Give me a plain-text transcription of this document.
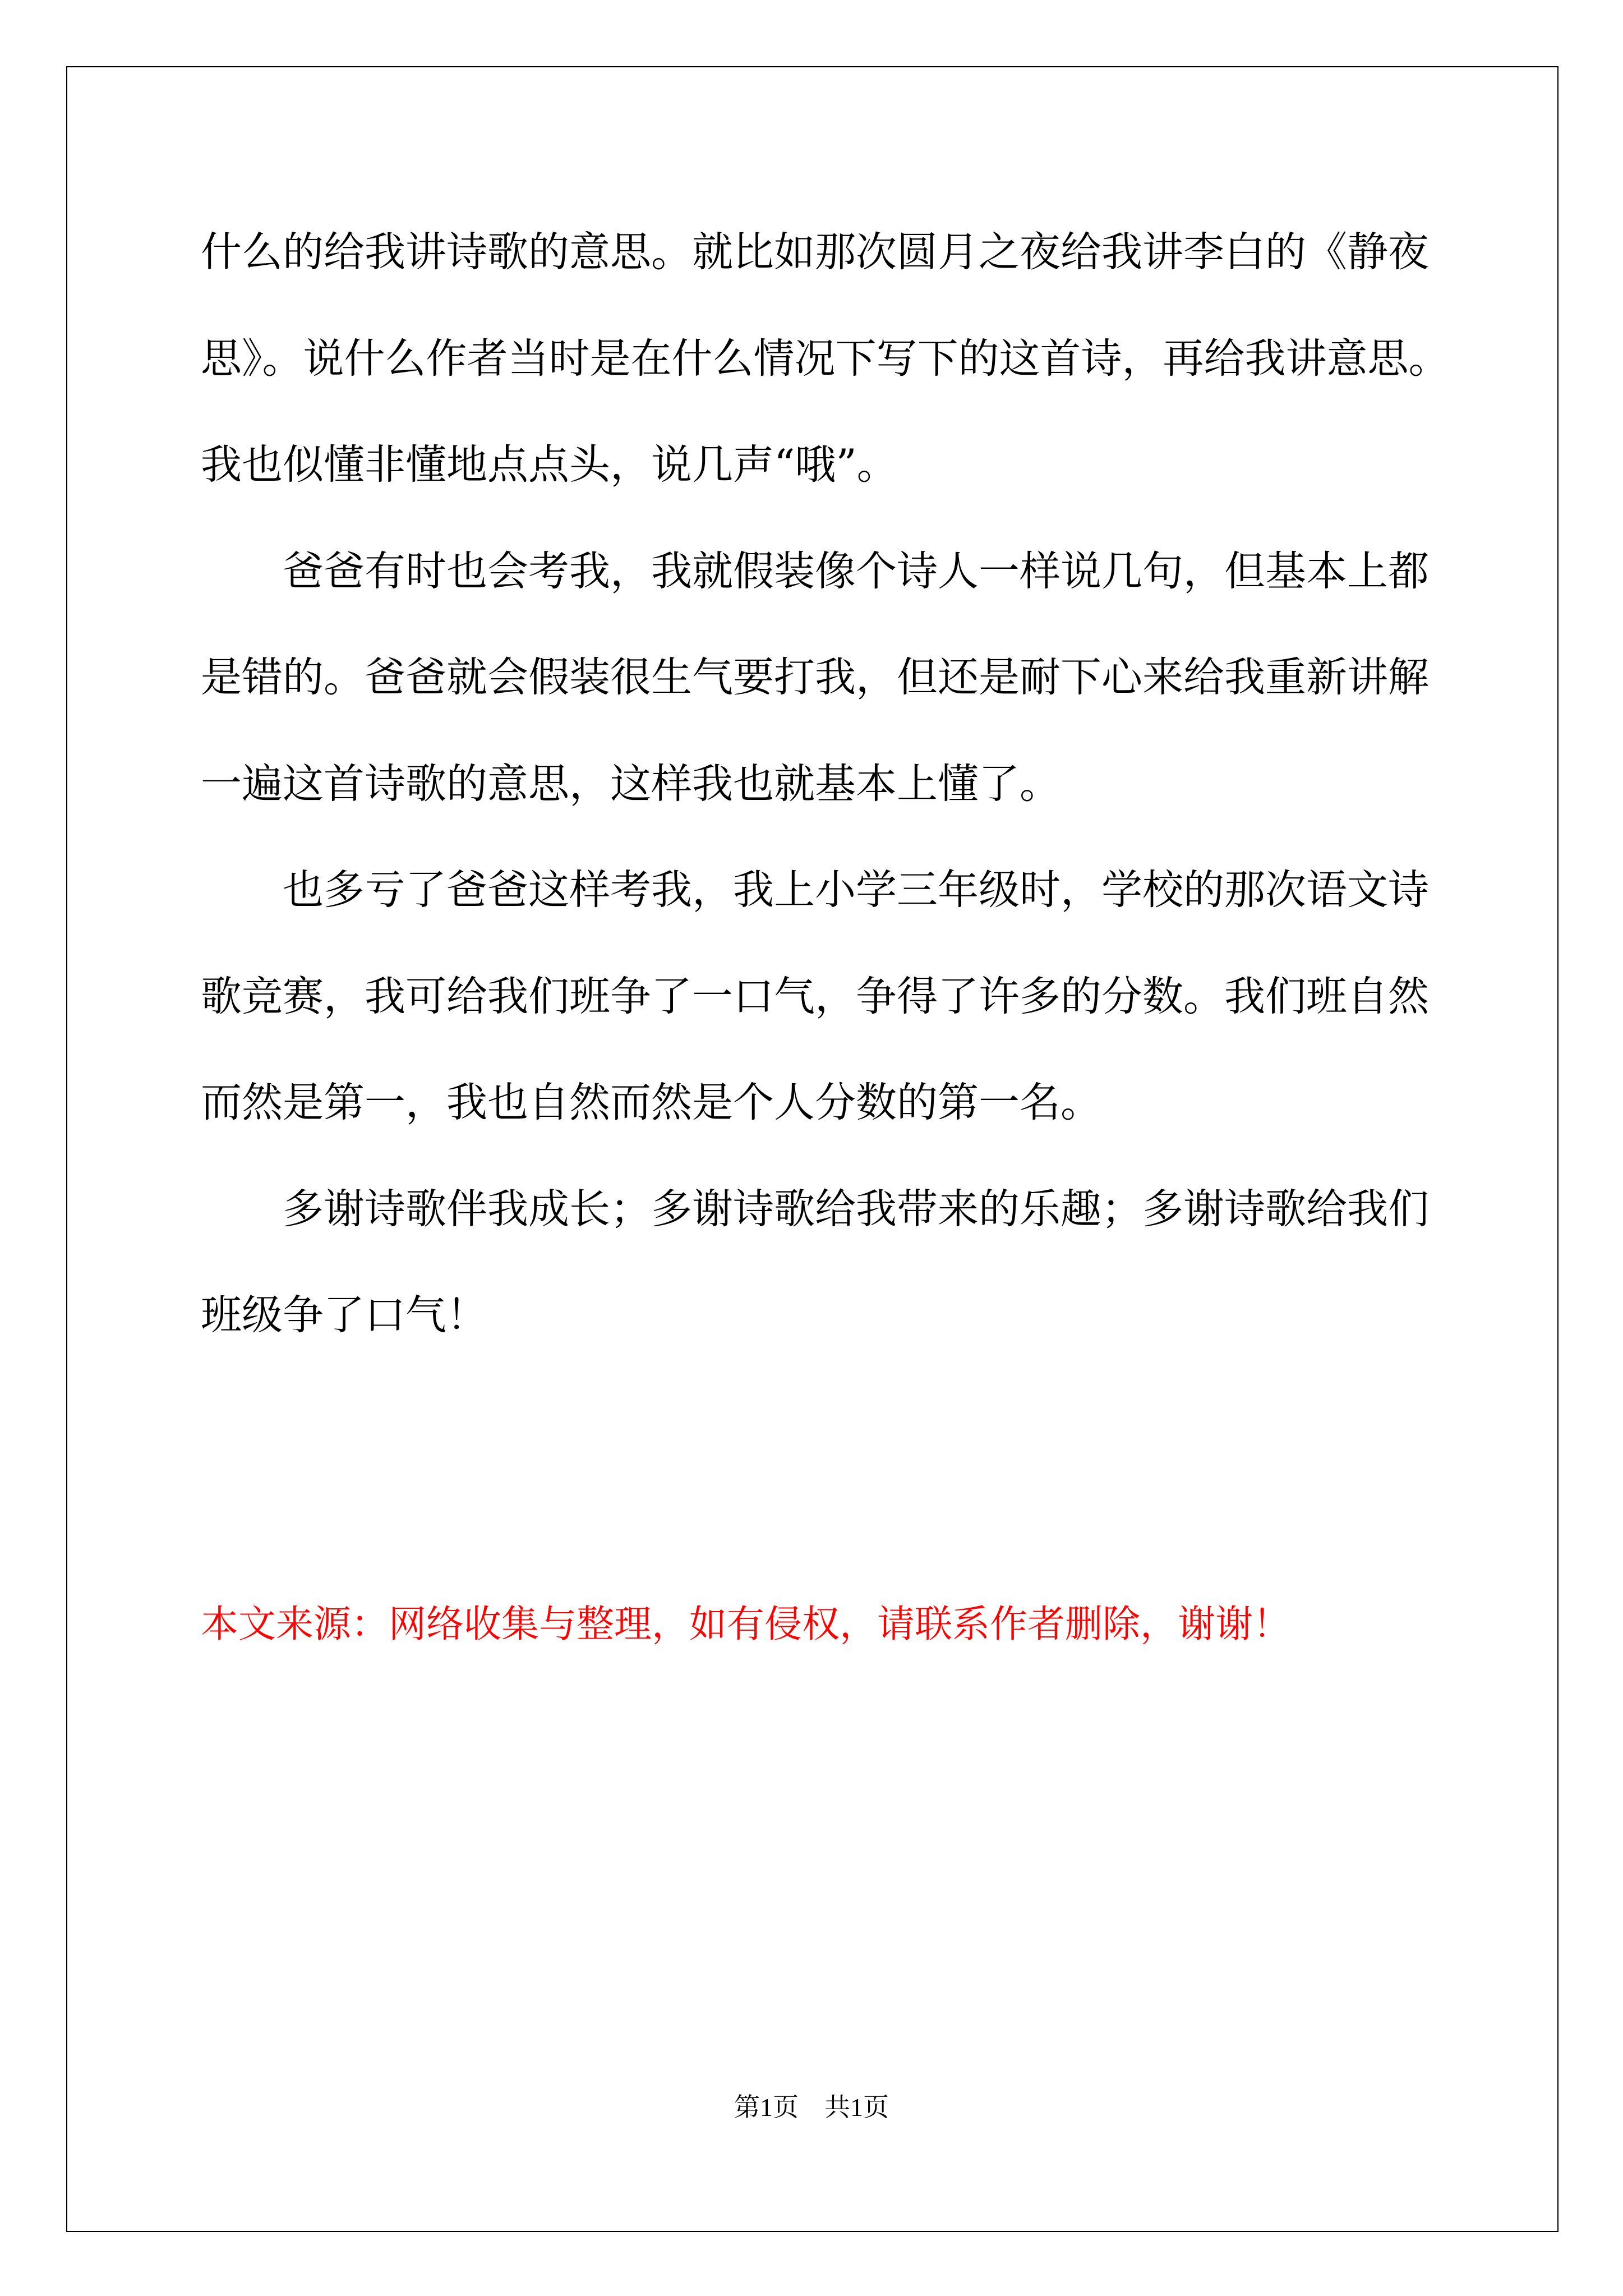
什么的给我讲诗歌的意思。就比如那次圆月之夜给我讲李白的《静夜
思》。说什么作者当时是在什么情况下写下的这首诗，再给我讲意思。
我也似懂非懂地点点头，说几声“哦”。
爸爸有时也会考我，我就假装像个诗人一样说几句，但基本上都
是错的。爸爸就会假装很生气要打我，但还是耐下心来给我重新讲解
一遍这首诗歌的意思，这样我也就基本上懂了。
也多亏了爸爸这样考我，我上小学三年级时，学校的那次语文诗
歌竞赛，我可给我们班争了一口气，争得了许多的分数。我们班自然
而然是第一，我也自然而然是个人分数的第一名。
多谢诗歌伴我成长；多谢诗歌给我带来的乐趣；多谢诗歌给我们
班级争了口气！
本文来源：网络收集与整理，如有侵权，请联系作者删除，谢谢！
第1页 共1页
